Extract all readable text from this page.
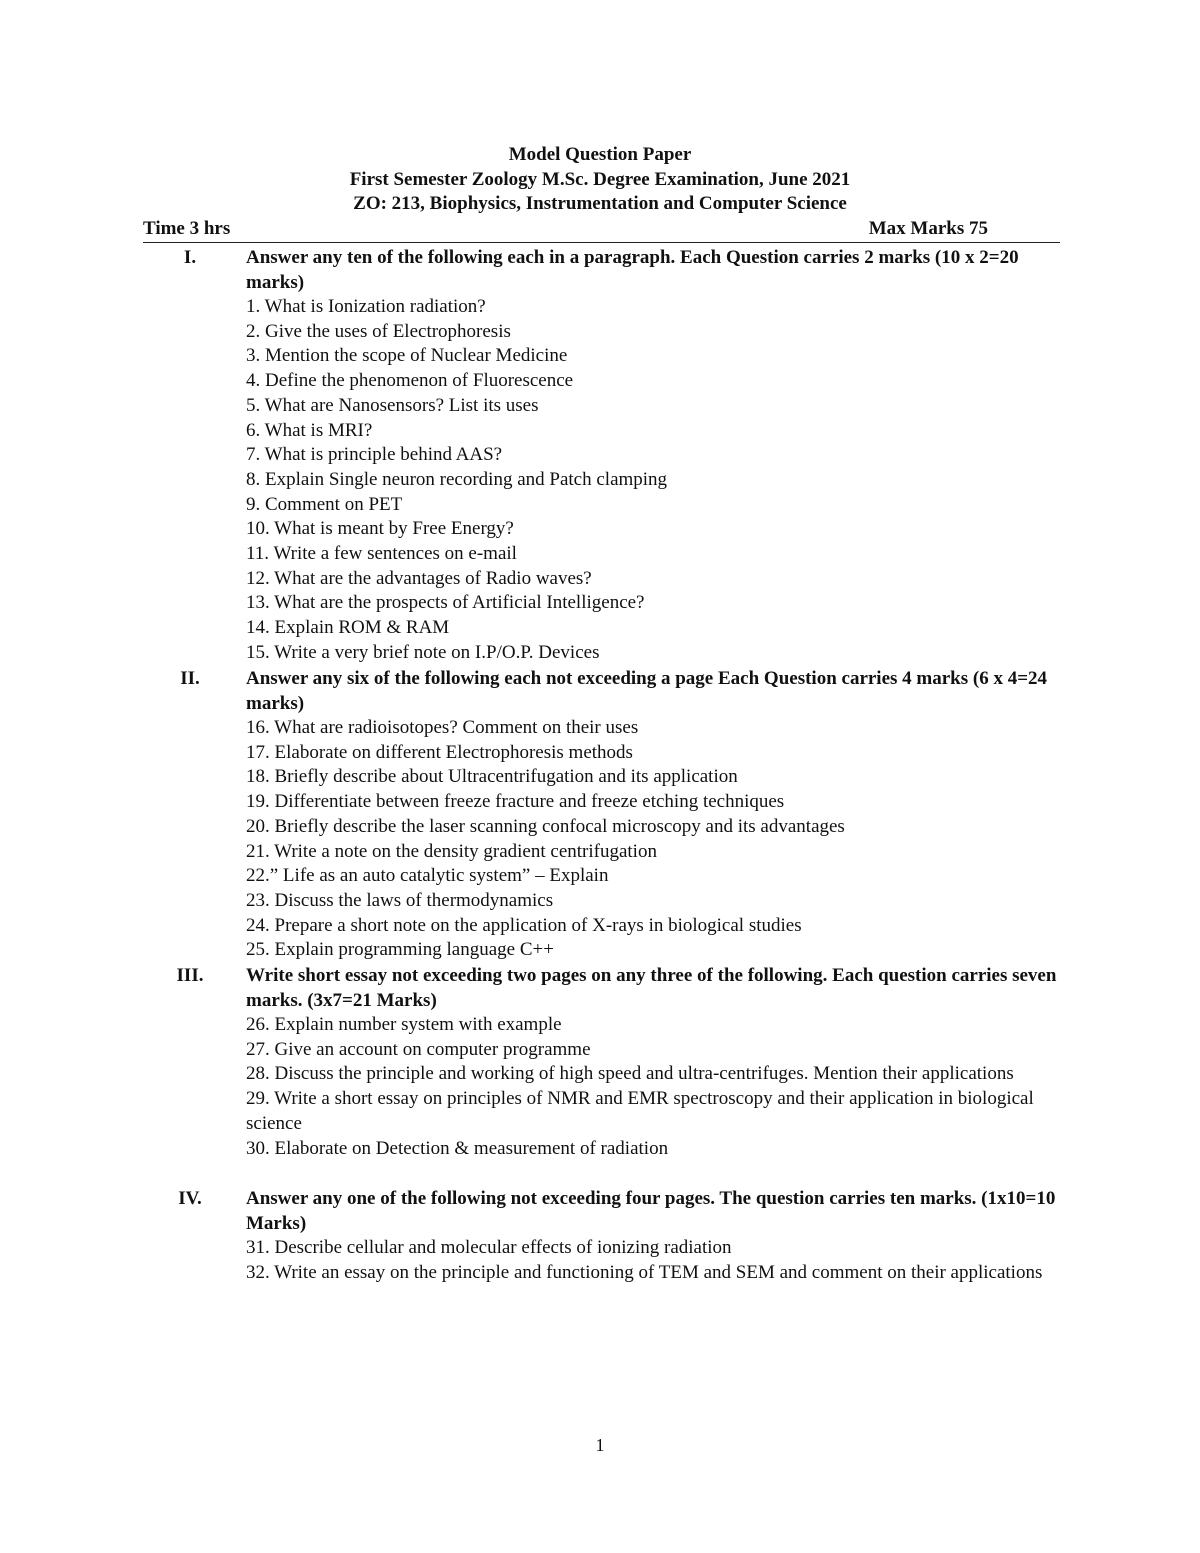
Model Question Paper
First Semester Zoology M.Sc. Degree Examination, June 2021
ZO: 213, Biophysics, Instrumentation and Computer Science
Time 3 hrs	Max Marks 75
I.	Answer any ten of the following each in a paragraph. Each Question carries 2 marks (10 x 2=20 marks)
1. What is Ionization radiation?
2. Give the uses of Electrophoresis
3. Mention the scope of Nuclear Medicine
4. Define the phenomenon of Fluorescence
5. What are Nanosensors? List its uses
6. What is MRI?
7. What is principle behind AAS?
8. Explain Single neuron recording and Patch clamping
9. Comment on PET
10. What is meant by Free Energy?
11. Write a few sentences on e-mail
12. What are the advantages of Radio waves?
13. What are the prospects of Artificial Intelligence?
14. Explain ROM & RAM
15. Write a very brief note on I.P/O.P. Devices
II.	Answer any six of the following each not exceeding a page Each Question carries 4 marks (6 x 4=24 marks)
16. What are radioisotopes? Comment on their uses
17. Elaborate on different Electrophoresis methods
18. Briefly describe about Ultracentrifugation and its application
19. Differentiate between freeze fracture and freeze etching techniques
20. Briefly describe the laser scanning confocal microscopy and its advantages
21. Write a note on the density gradient centrifugation
22.” Life as an auto catalytic system” – Explain
23. Discuss the laws of thermodynamics
24. Prepare a short note on the application of X-rays in biological studies
25. Explain programming language C++
III.	Write short essay not exceeding two pages on any three of the following. Each question carries seven marks. (3x7=21 Marks)
26. Explain number system with example
27. Give an account on computer programme
28. Discuss the principle and working of high speed and ultra-centrifuges. Mention their applications
29. Write a short essay on principles of NMR and EMR spectroscopy and their application in biological science
30. Elaborate on Detection & measurement of radiation
IV.	Answer any one of the following not exceeding four pages. The question carries ten marks. (1x10=10 Marks)
31. Describe cellular and molecular effects of ionizing radiation
32. Write an essay on the principle and functioning of TEM and SEM and comment on their applications
1
